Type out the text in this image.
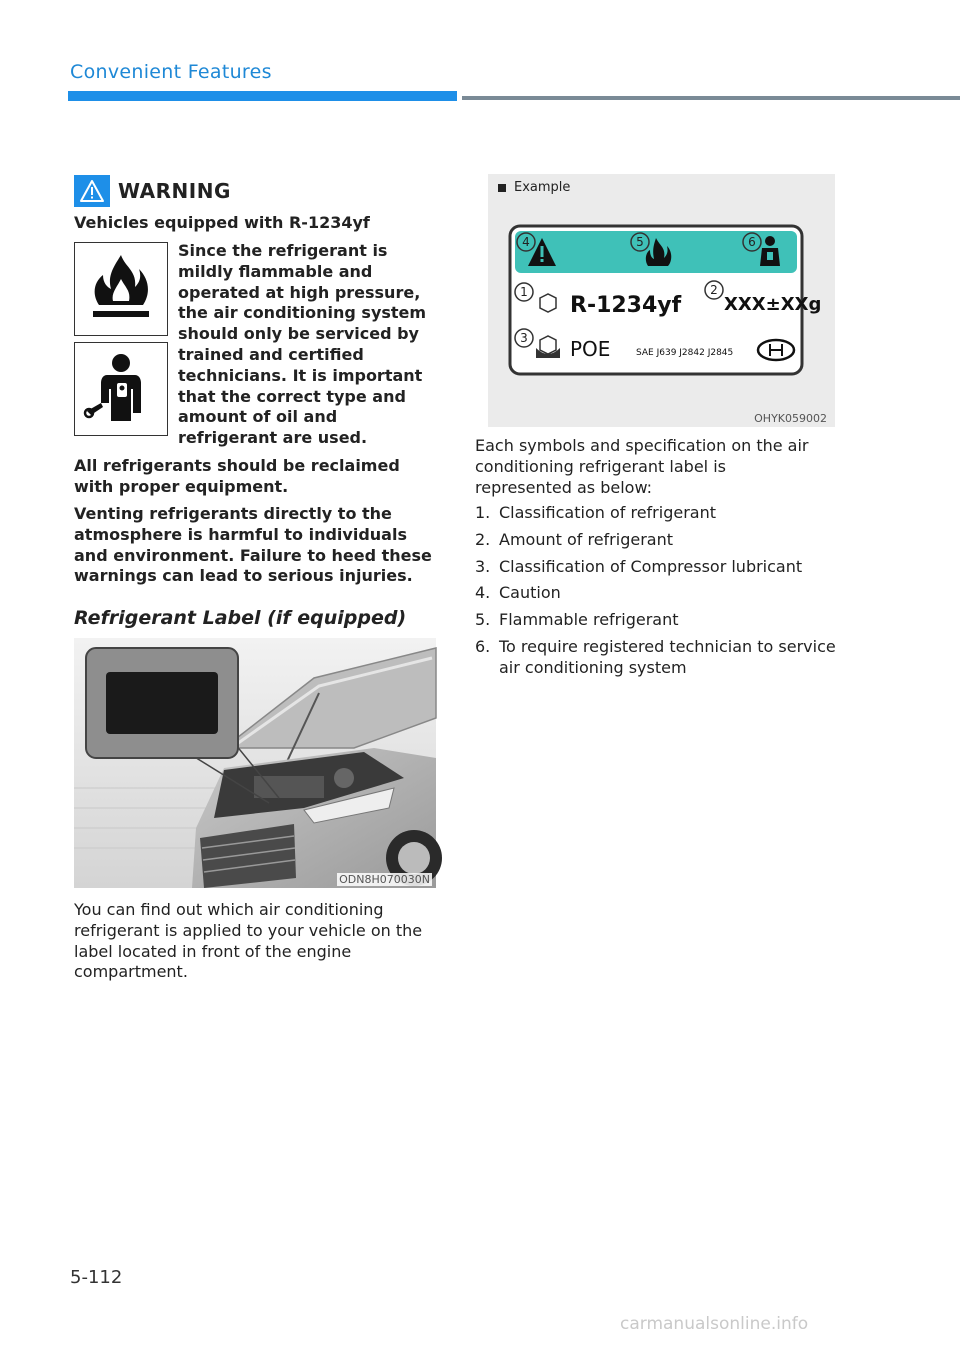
Convenient Features
WARNING
Vehicles equipped with R-1234yf
Since the refrigerant is mildly flammable and operated at high pressure, the air conditioning system should only be serviced by trained and certified technicians. It is important that the correct type and amount of oil and refrigerant are used.

All refrigerants should be reclaimed with proper equipment.

Venting refrigerants directly to the atmosphere is harmful to individuals and environment. Failure to heed these warnings can lead to serious injuries.

Refrigerant Label (if equipped)
ODN8H070030N

You can find out which air conditioning refrigerant is applied to your vehicle on the label located in front of the engine compartment.

Example
4	5	6
1	2
3
R-1234yf XXX±XXg
POE	SAE J639 J2842 J2845
OHYK059002

Each symbols and specification on the air conditioning refrigerant label is represented as below:

1. Classification of refrigerant
2. Amount of refrigerant
3. Classification of Compressor lubricant
4. Caution
5. Flammable refrigerant
6. To require registered technician to service air conditioning system
5-112
carmanualsonline.info
